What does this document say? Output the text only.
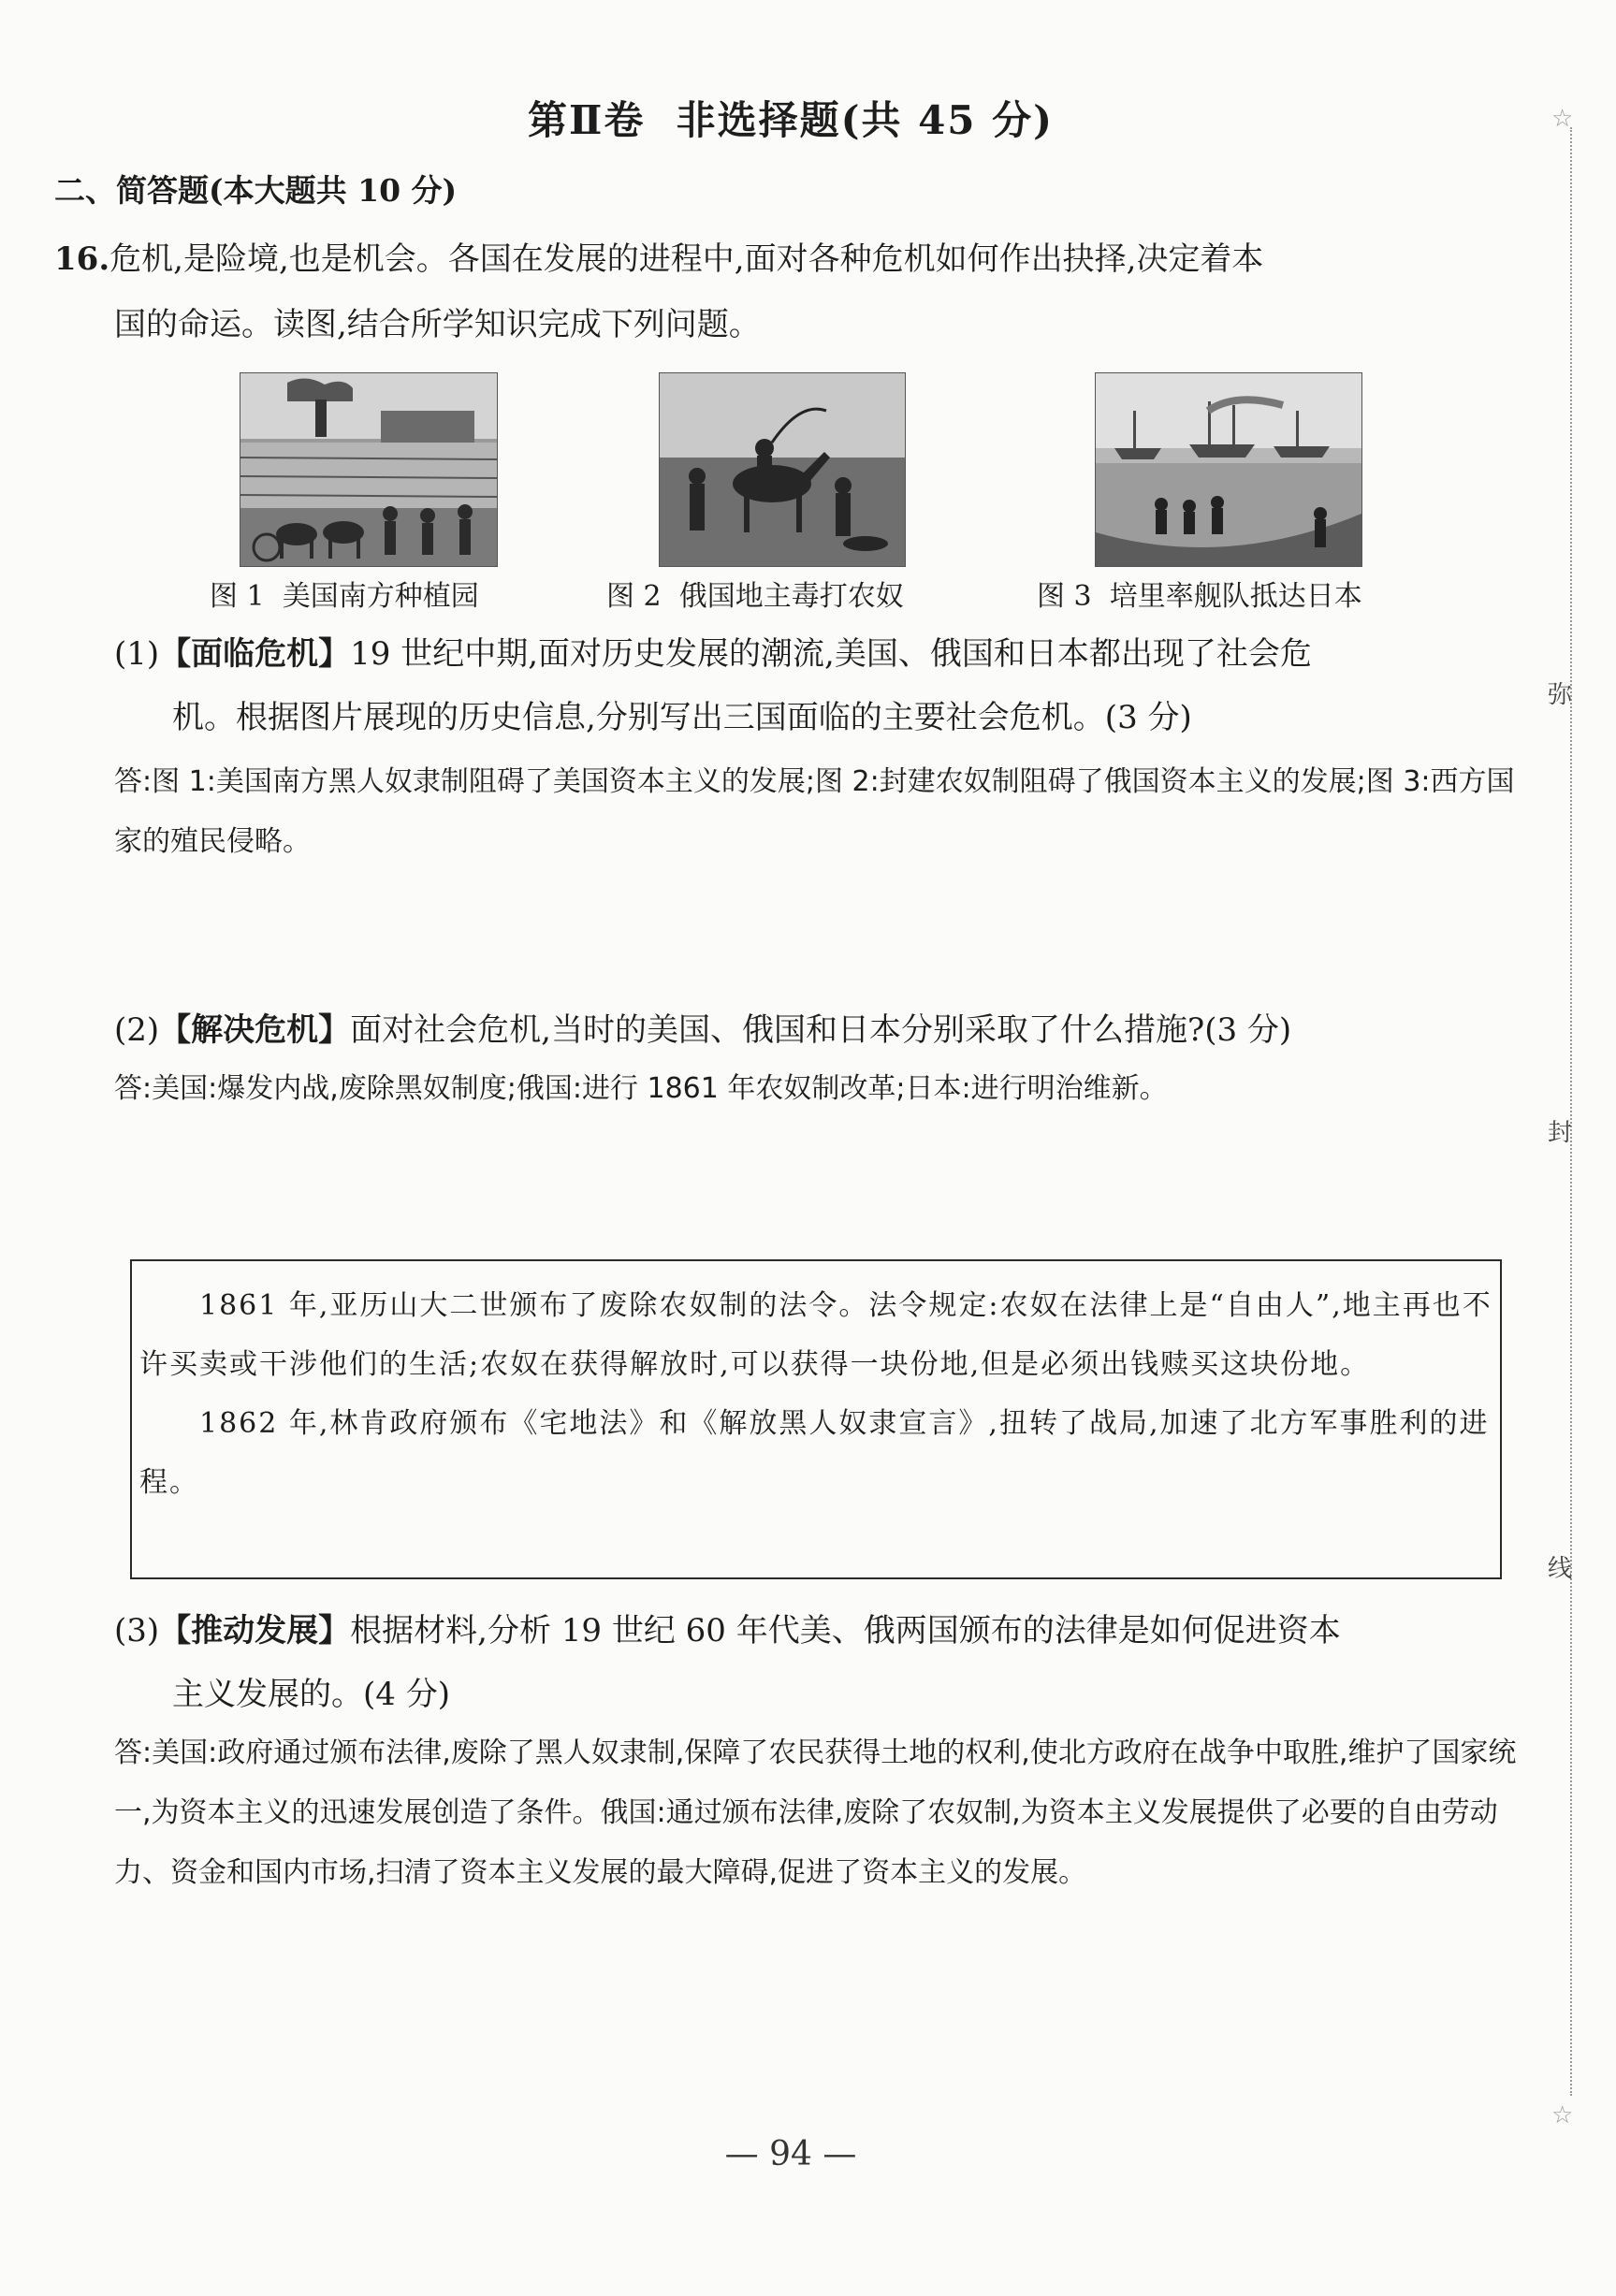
第Ⅱ卷  非选择题(共 45 分)
二、简答题(本大题共 10 分)
16.危机,是险境,也是机会。各国在发展的进程中,面对各种危机如何作出抉择,决定着本
国的命运。读图,结合所学知识完成下列问题。
图 1  美国南方种植园	图 2  俄国地主毒打农奴	图 3  培里率舰队抵达日本
(1)【面临危机】19 世纪中期,面对历史发展的潮流,美国、俄国和日本都出现了社会危
机。根据图片展现的历史信息,分别写出三国面临的主要社会危机。(3 分)
答:图 1:美国南方黑人奴隶制阻碍了美国资本主义的发展;图 2:封建农奴制阻碍了俄国资本主义的发展;图 3:西方国家的殖民侵略。
(2)【解决危机】面对社会危机,当时的美国、俄国和日本分别采取了什么措施?(3 分)
答:美国:爆发内战,废除黑奴制度;俄国:进行 1861 年农奴制改革;日本:进行明治维新。
1861 年,亚历山大二世颁布了废除农奴制的法令。法令规定:农奴在法律上是“自由人”,地主再也不许买卖或干涉他们的生活;农奴在获得解放时,可以获得一块份地,但是必须出钱赎买这块份地。
1862 年,林肯政府颁布《宅地法》和《解放黑人奴隶宣言》,扭转了战局,加速了北方军事胜利的进程。
(3)【推动发展】根据材料,分析 19 世纪 60 年代美、俄两国颁布的法律是如何促进资本
主义发展的。(4 分)
答:美国:政府通过颁布法律,废除了黑人奴隶制,保障了农民获得土地的权利,使北方政府在战争中取胜,维护了国家统一,为资本主义的迅速发展创造了条件。俄国:通过颁布法律,废除了农奴制,为资本主义发展提供了必要的自由劳动力、资金和国内市场,扫清了资本主义发展的最大障碍,促进了资本主义的发展。
— 94 —
☆
弥
封
线
☆
